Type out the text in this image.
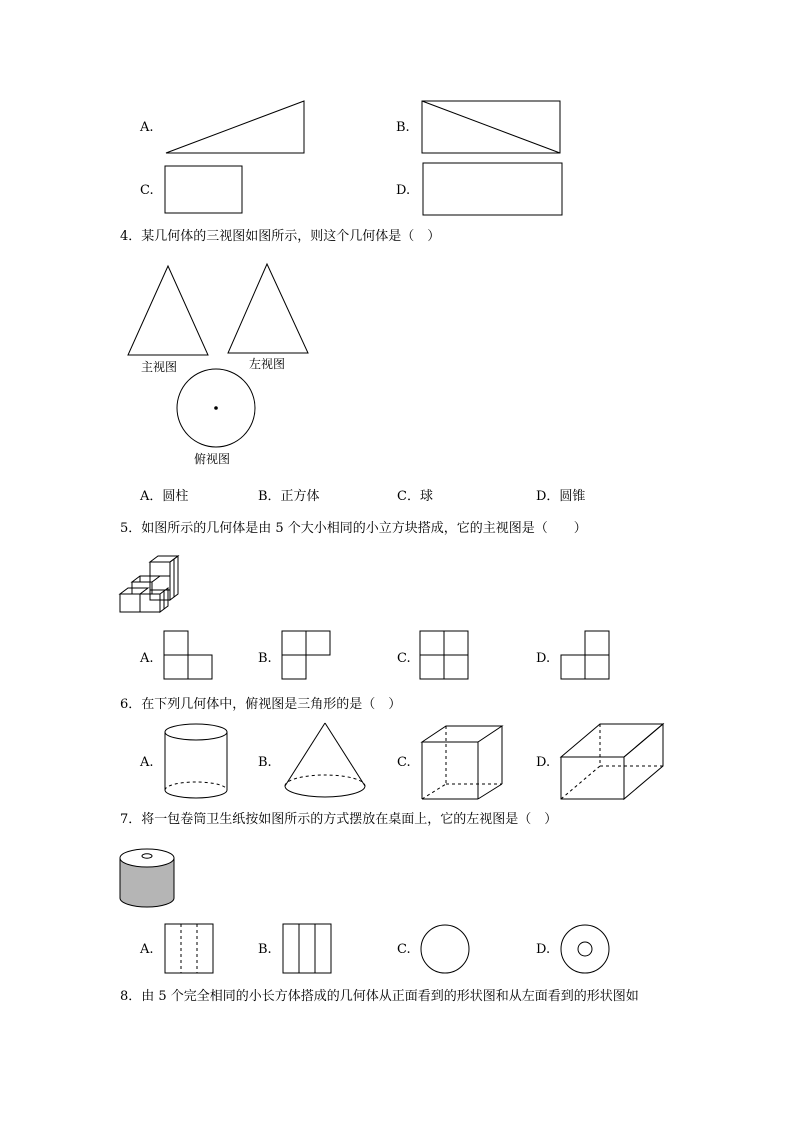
A.	B.
C.	D.
4．某几何体的三视图如图所示，则这个几何体是（　）
主视图	左视图
俯视图
A．圆柱	B．正方体	C．球	D．圆锥
5．如图所示的几何体是由 5 个大小相同的小立方块搭成，它的主视图是（　　）
A.	B.	C.	D.
6．在下列几何体中，俯视图是三角形的是（　）
A.	B.	C.	D.
7．将一包卷筒卫生纸按如图所示的方式摆放在桌面上，它的左视图是（　）
A.	B.	C.	D.
8．由 5 个完全相同的小长方体搭成的几何体从正面看到的形状图和从左面看到的形状图如
